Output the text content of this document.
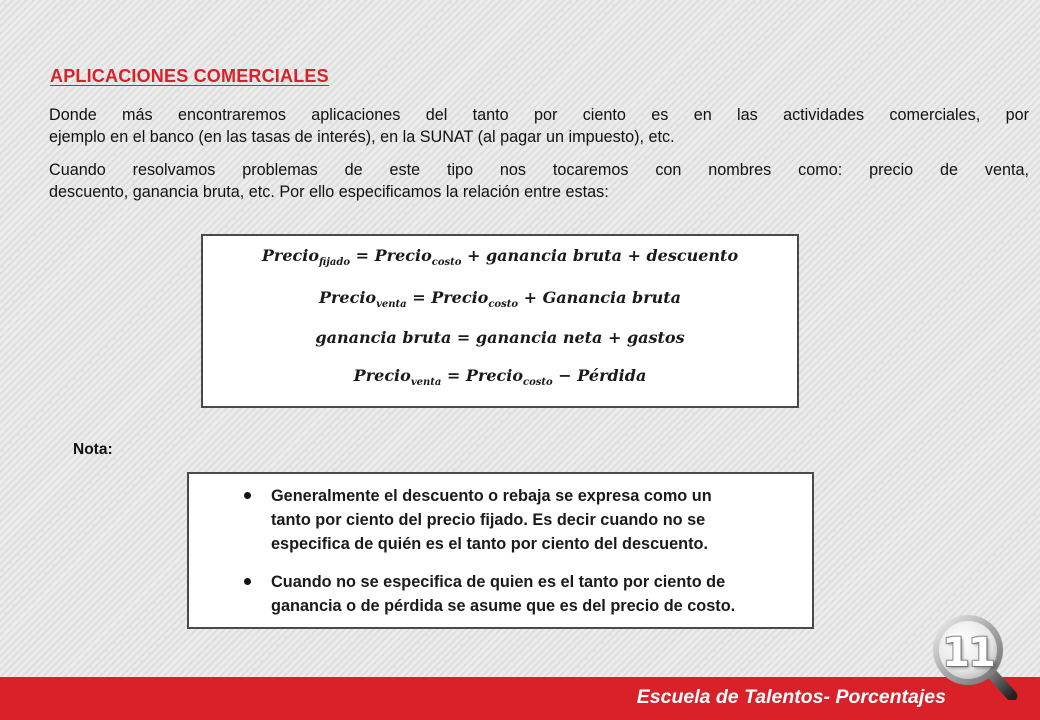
APLICACIONES COMERCIALES
Donde más encontraremos aplicaciones del tanto por ciento es en las actividades comerciales, por
ejemplo en el banco (en las tasas de interés), en la SUNAT (al pagar un impuesto), etc.
Cuando resolvamos problemas de este tipo nos tocaremos con nombres como: precio de venta,
descuento, ganancia bruta, etc. Por ello especificamos la relación entre estas:
Precio$_{fijado}$ = Precio$_{costo}$ + ganancia bruta + descuento
Precio$_{venta}$ = Precio$_{costo}$ + Ganancia bruta
ganancia bruta = ganancia neta + gastos
Precio$_{venta}$ = Precio$_{costo}$ − Pérdida
Nota:
Generalmente el descuento o rebaja se expresa como un
tanto por ciento del precio fijado. Es decir cuando no se
especifica de quién es el tanto por ciento del descuento.
Cuando no se especifica de quien es el tanto por ciento de
ganancia o de pérdida se asume que es del precio de costo.
Escuela de Talentos- Porcentajes
11
